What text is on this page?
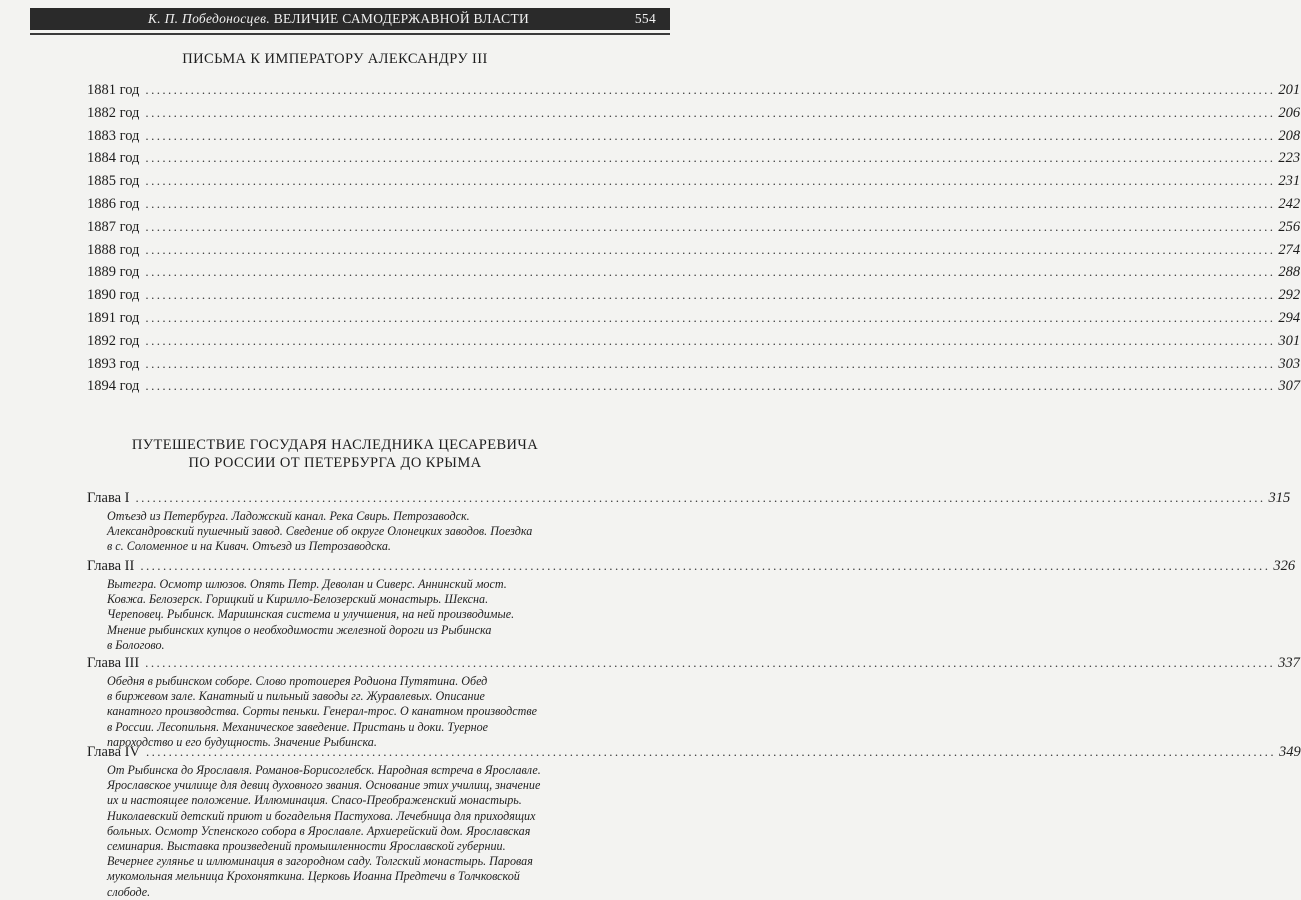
К. П. Победоносцев. ВЕЛИЧИЕ САМОДЕРЖАВНОЙ ВЛАСТИ	554
ПИСЬМА К ИМПЕРАТОРУ АЛЕКСАНДРУ III
1881 год ........................................................................................................................................................................................................ 201
1882 год ........................................................................................................................................................................................................ 206
1883 год ........................................................................................................................................................................................................ 208
1884 год ........................................................................................................................................................................................................ 223
1885 год ........................................................................................................................................................................................................ 231
1886 год ........................................................................................................................................................................................................ 242
1887 год ........................................................................................................................................................................................................ 256
1888 год ........................................................................................................................................................................................................ 274
1889 год ........................................................................................................................................................................................................ 288
1890 год ........................................................................................................................................................................................................ 292
1891 год ........................................................................................................................................................................................................ 294
1892 год ........................................................................................................................................................................................................ 301
1893 год ........................................................................................................................................................................................................ 303
1894 год ........................................................................................................................................................................................................ 307
ПУТЕШЕСТВИЕ ГОСУДАРЯ НАСЛЕДНИКА ЦЕСАРЕВИЧА
ПО РОССИИ ОТ ПЕТЕРБУРГА ДО КРЫМА
Глава I ........................................................................................................................................................................................................ 315
Отъезд из Петербурга. Ладожский канал. Река Свирь. Петрозаводск.
Александровский пушечный завод. Сведение об округе Олонецких заводов. Поездка
в с. Соломенное и на Кивач. Отъезд из Петрозаводска.
Глава II ........................................................................................................................................................................................................ 326
Вытегра. Осмотр шлюзов. Опять Петр. Деволан и Сиверс. Аннинский мост.
Ковжа. Белозерск. Горицкий и Кирилло-Белозерский монастырь. Шексна.
Череповец. Рыбинск. Маришнская система и улучшения, на ней производимые.
Мнение рыбинских купцов о необходимости железной дороги из Рыбинска
в Бологово.
Глава III ........................................................................................................................................................................................................ 337
Обедня в рыбинском соборе. Слово протоиерея Родиона Путятина. Обед
в биржевом зале. Канатный и пильный заводы гг. Журавлевых. Описание
канатного производства. Сорты пеньки. Генерал-трос. О канатном производстве
в России. Лесопильня. Механическое заведение. Пристань и доки. Туерное
пароходство и его будущность. Значение Рыбинска.
Глава IV ........................................................................................................................................................................................................ 349
От Рыбинска до Ярославля. Романов-Борисоглебск. Народная встреча в Ярославле.
Ярославское училище для девиц духовного звания. Основание этих училищ, значение
их и настоящее положение. Иллюминация. Спасо-Преображенский монастырь.
Николаевский детский приют и богадельня Пастухова. Лечебница для приходящих
больных. Осмотр Успенского собора в Ярославле. Архиерейский дом. Ярославская
семинария. Выставка произведений промышленности Ярославской губернии.
Вечернее гулянье и иллюминация в загородном саду. Толгский монастырь. Паровая
мукомольная мельница Крохоняткина. Церковь Иоанна Предтечи в Толчковской
слободе.
